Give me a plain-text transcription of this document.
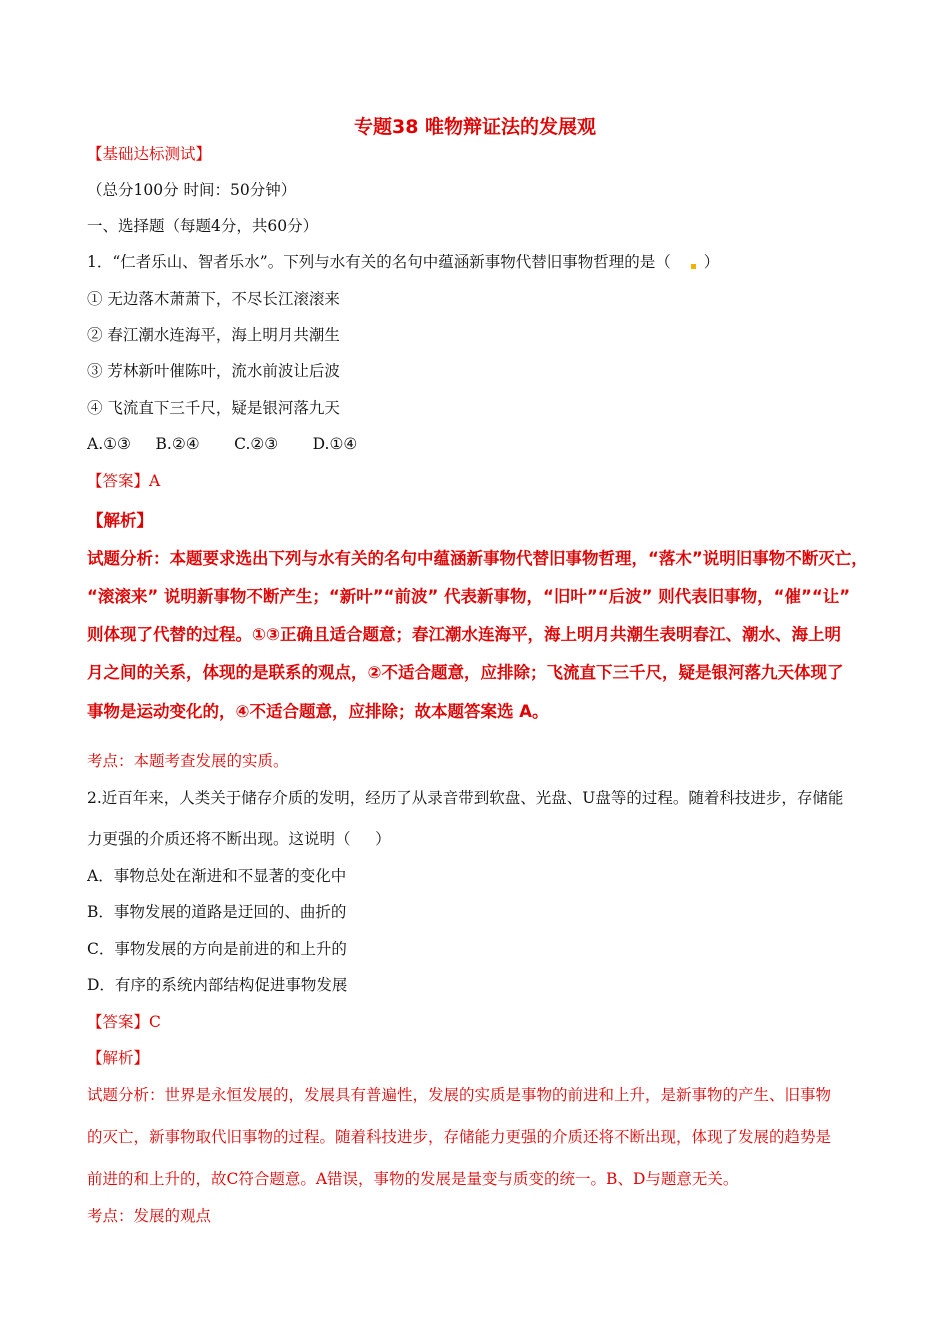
专题38 唯物辩证法的发展观
【基础达标测试】
（总分100分 时间：50分钟）
一、选择题（每题4分，共60分）
1．“仁者乐山、智者乐水”。下列与水有关的名句中蕴涵新事物代替旧事物哲理的是（ ）
① 无边落木萧萧下，不尽长江滚滚来
② 春江潮水连海平，海上明月共潮生
③ 芳林新叶催陈叶，流水前波让后波
④ 飞流直下三千尺，疑是银河落九天
A.①③     B.②④       C.②③       D.①④
【答案】A
【解析】
试题分析：本题要求选出下列与水有关的名句中蕴涵新事物代替旧事物哲理，“落木”说明旧事物不断灭亡，
“滚滚来” 说明新事物不断产生；“新叶”“前波” 代表新事物，“旧叶”“后波” 则代表旧事物，“催”“让”
则体现了代替的过程。①③正确且适合题意；春江潮水连海平，海上明月共潮生表明春江、潮水、海上明
月之间的关系，体现的是联系的观点，②不适合题意，应排除；飞流直下三千尺，疑是银河落九天体现了
事物是运动变化的，④不适合题意，应排除；故本题答案选 A。
考点：本题考查发展的实质。
2.近百年来，人类关于储存介质的发明，经历了从录音带到软盘、光盘、U盘等的过程。随着科技进步，存储能
力更强的介质还将不断出现。这说明（     ）
A．事物总处在渐进和不显著的变化中
B．事物发展的道路是迂回的、曲折的
C．事物发展的方向是前进的和上升的
D．有序的系统内部结构促进事物发展
【答案】C
【解析】
试题分析：世界是永恒发展的，发展具有普遍性，发展的实质是事物的前进和上升，是新事物的产生、旧事物
的灭亡，新事物取代旧事物的过程。随着科技进步，存储能力更强的介质还将不断出现，体现了发展的趋势是
前进的和上升的，故C符合题意。A错误，事物的发展是量变与质变的统一。B、D与题意无关。
考点：发展的观点
